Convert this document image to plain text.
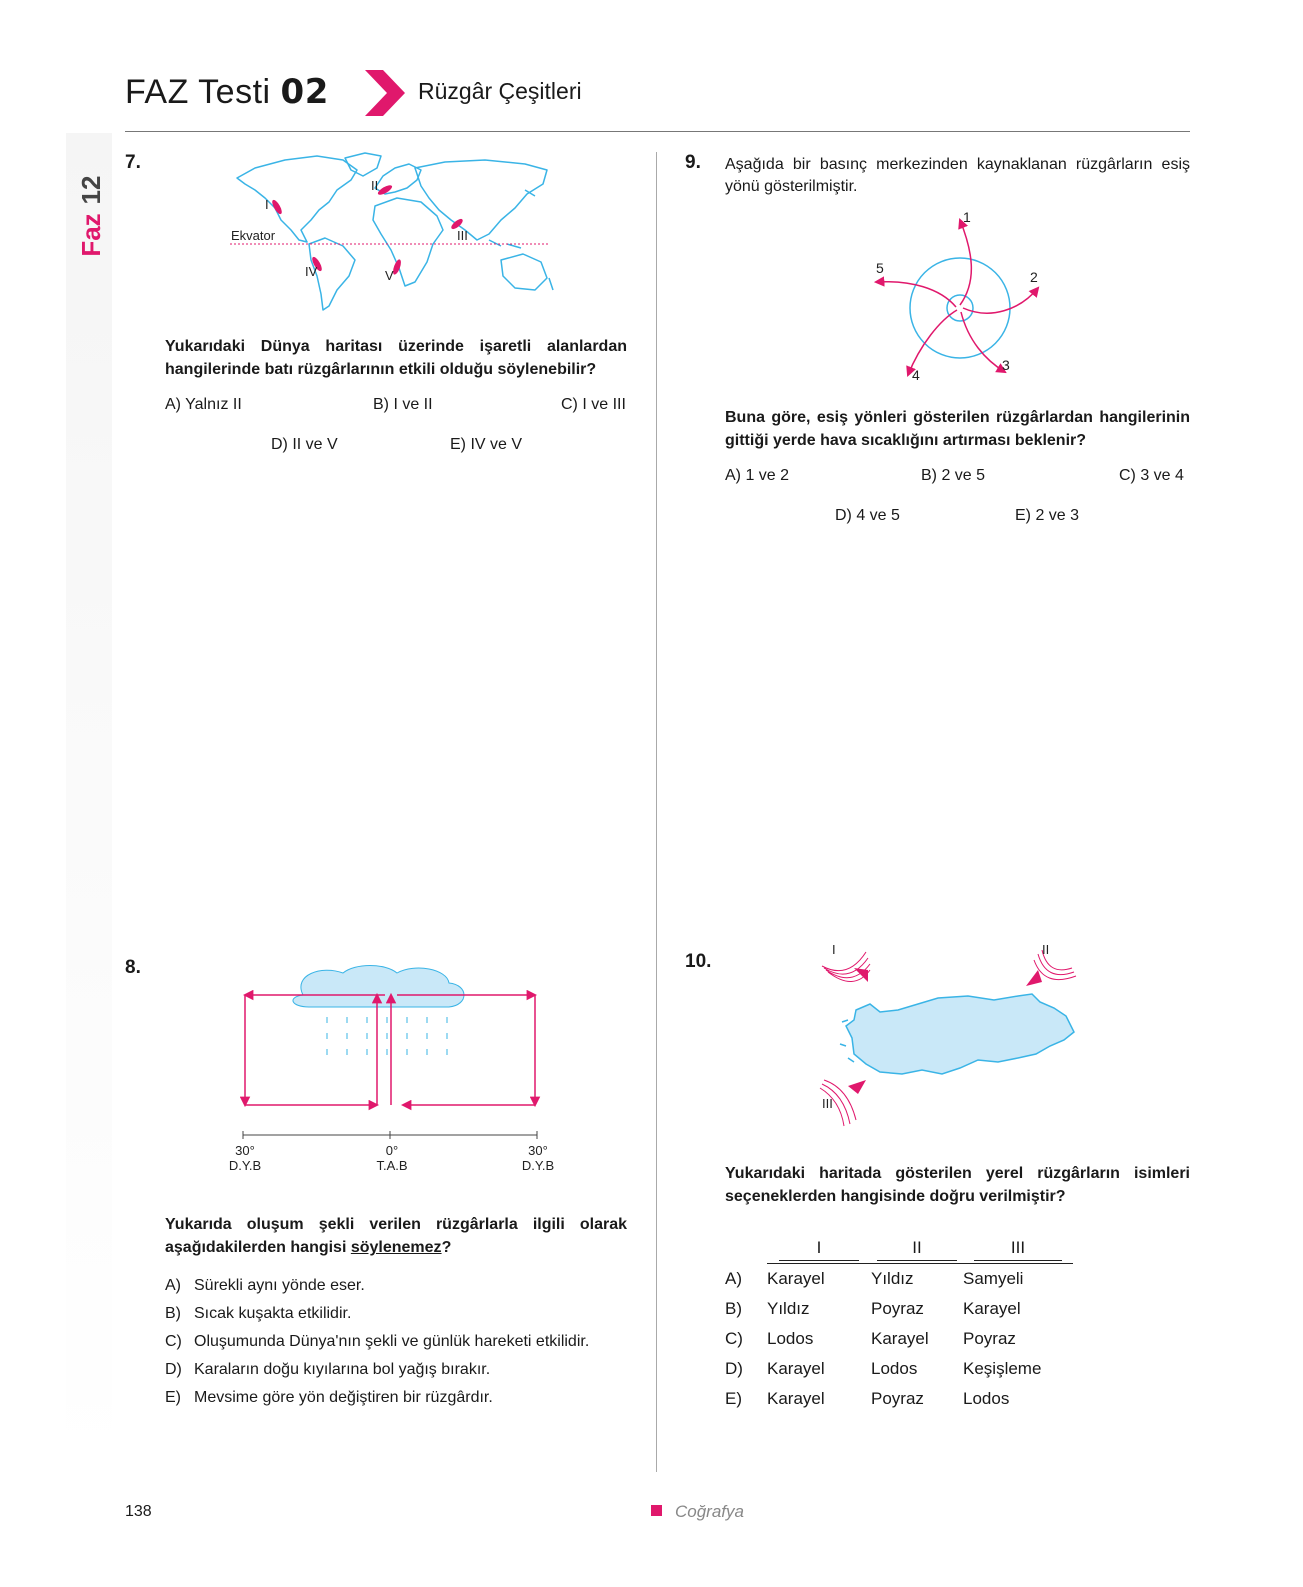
FAZ Testi 02	Rüzgâr Çeşitleri
12
Faz
7.
Ekvator
I
II
III
IV	V
Yukarıdaki Dünya haritası üzerinde işaretli alanlardan hangilerinde batı rüzgârlarının etkili olduğu söylenebilir?
A) Yalnız II	B) I ve II	C) I ve III
D) II ve V	E) IV ve V
9. Aşağıda bir basınç merkezinden kaynaklanan rüzgârların esiş yönü gösterilmiştir.
1
2
3
4
5
Buna göre, esiş yönleri gösterilen rüzgârlardan hangilerinin gittiği yerde hava sıcaklığını artırması beklenir?
A) 1 ve 2	B) 2 ve 5	C) 3 ve 4
D) 4 ve 5	E) 2 ve 3
8.
30°
D.Y.B
0°
T.A.B
30°
D.Y.B
Yukarıda oluşum şekli verilen rüzgârlarla ilgili olarak aşağıdakilerden hangisi söylenemez?
A) Sürekli aynı yönde eser.
B) Sıcak kuşakta etkilidir.
C) Oluşumunda Dünya'nın şekli ve günlük hareketi etkilidir.
D) Karaların doğu kıyılarına bol yağış bırakır.
E) Mevsime göre yön değiştiren bir rüzgârdır.
10.
I	II
III
Yukarıdaki haritada gösterilen yerel rüzgârların isimleri seçeneklerden hangisinde doğru verilmiştir?
I	II	III
A)	Karayel	Yıldız	Samyeli
B)	Yıldız	Poyraz	Karayel
C)	Lodos	Karayel	Poyraz
D)	Karayel	Lodos	Keşişleme
E)	Karayel	Poyraz	Lodos
138	Coğrafya
